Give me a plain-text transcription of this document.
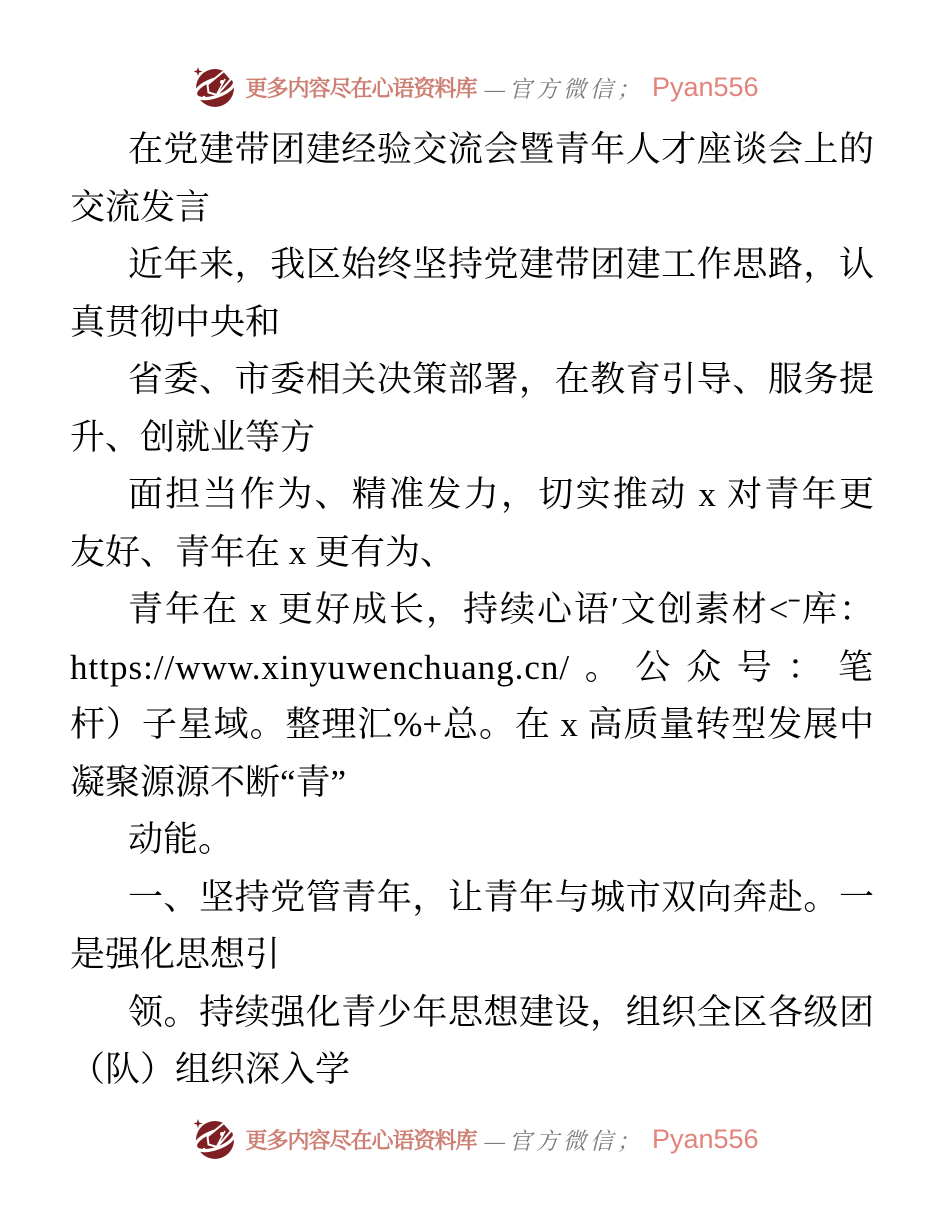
更多内容尽在心语资料库 —官方微信； Pyan556
在党建带团建经验交流会暨青年人才座谈会上的
交流发言
近年来，我区始终坚持党建带团建工作思路，认
真贯彻中央和
省委、市委相关决策部署，在教育引导、服务提
升、创就业等方
面担当作为、精准发力，切实推动 x 对青年更
友好、青年在 x 更有为、
青年在 x 更好成长，持续心语′文创素材<ˉ库：
https://www.xinyuwenchuang.cn/。公众号：笔
杆）子星域。整理汇%+总。在 x 高质量转型发展中
凝聚源源不断“青”
动能。
一、坚持党管青年，让青年与城市双向奔赴。一
是强化思想引
领。持续强化青少年思想建设，组织全区各级团
（队）组织深入学
更多内容尽在心语资料库 —官方微信； Pyan556
